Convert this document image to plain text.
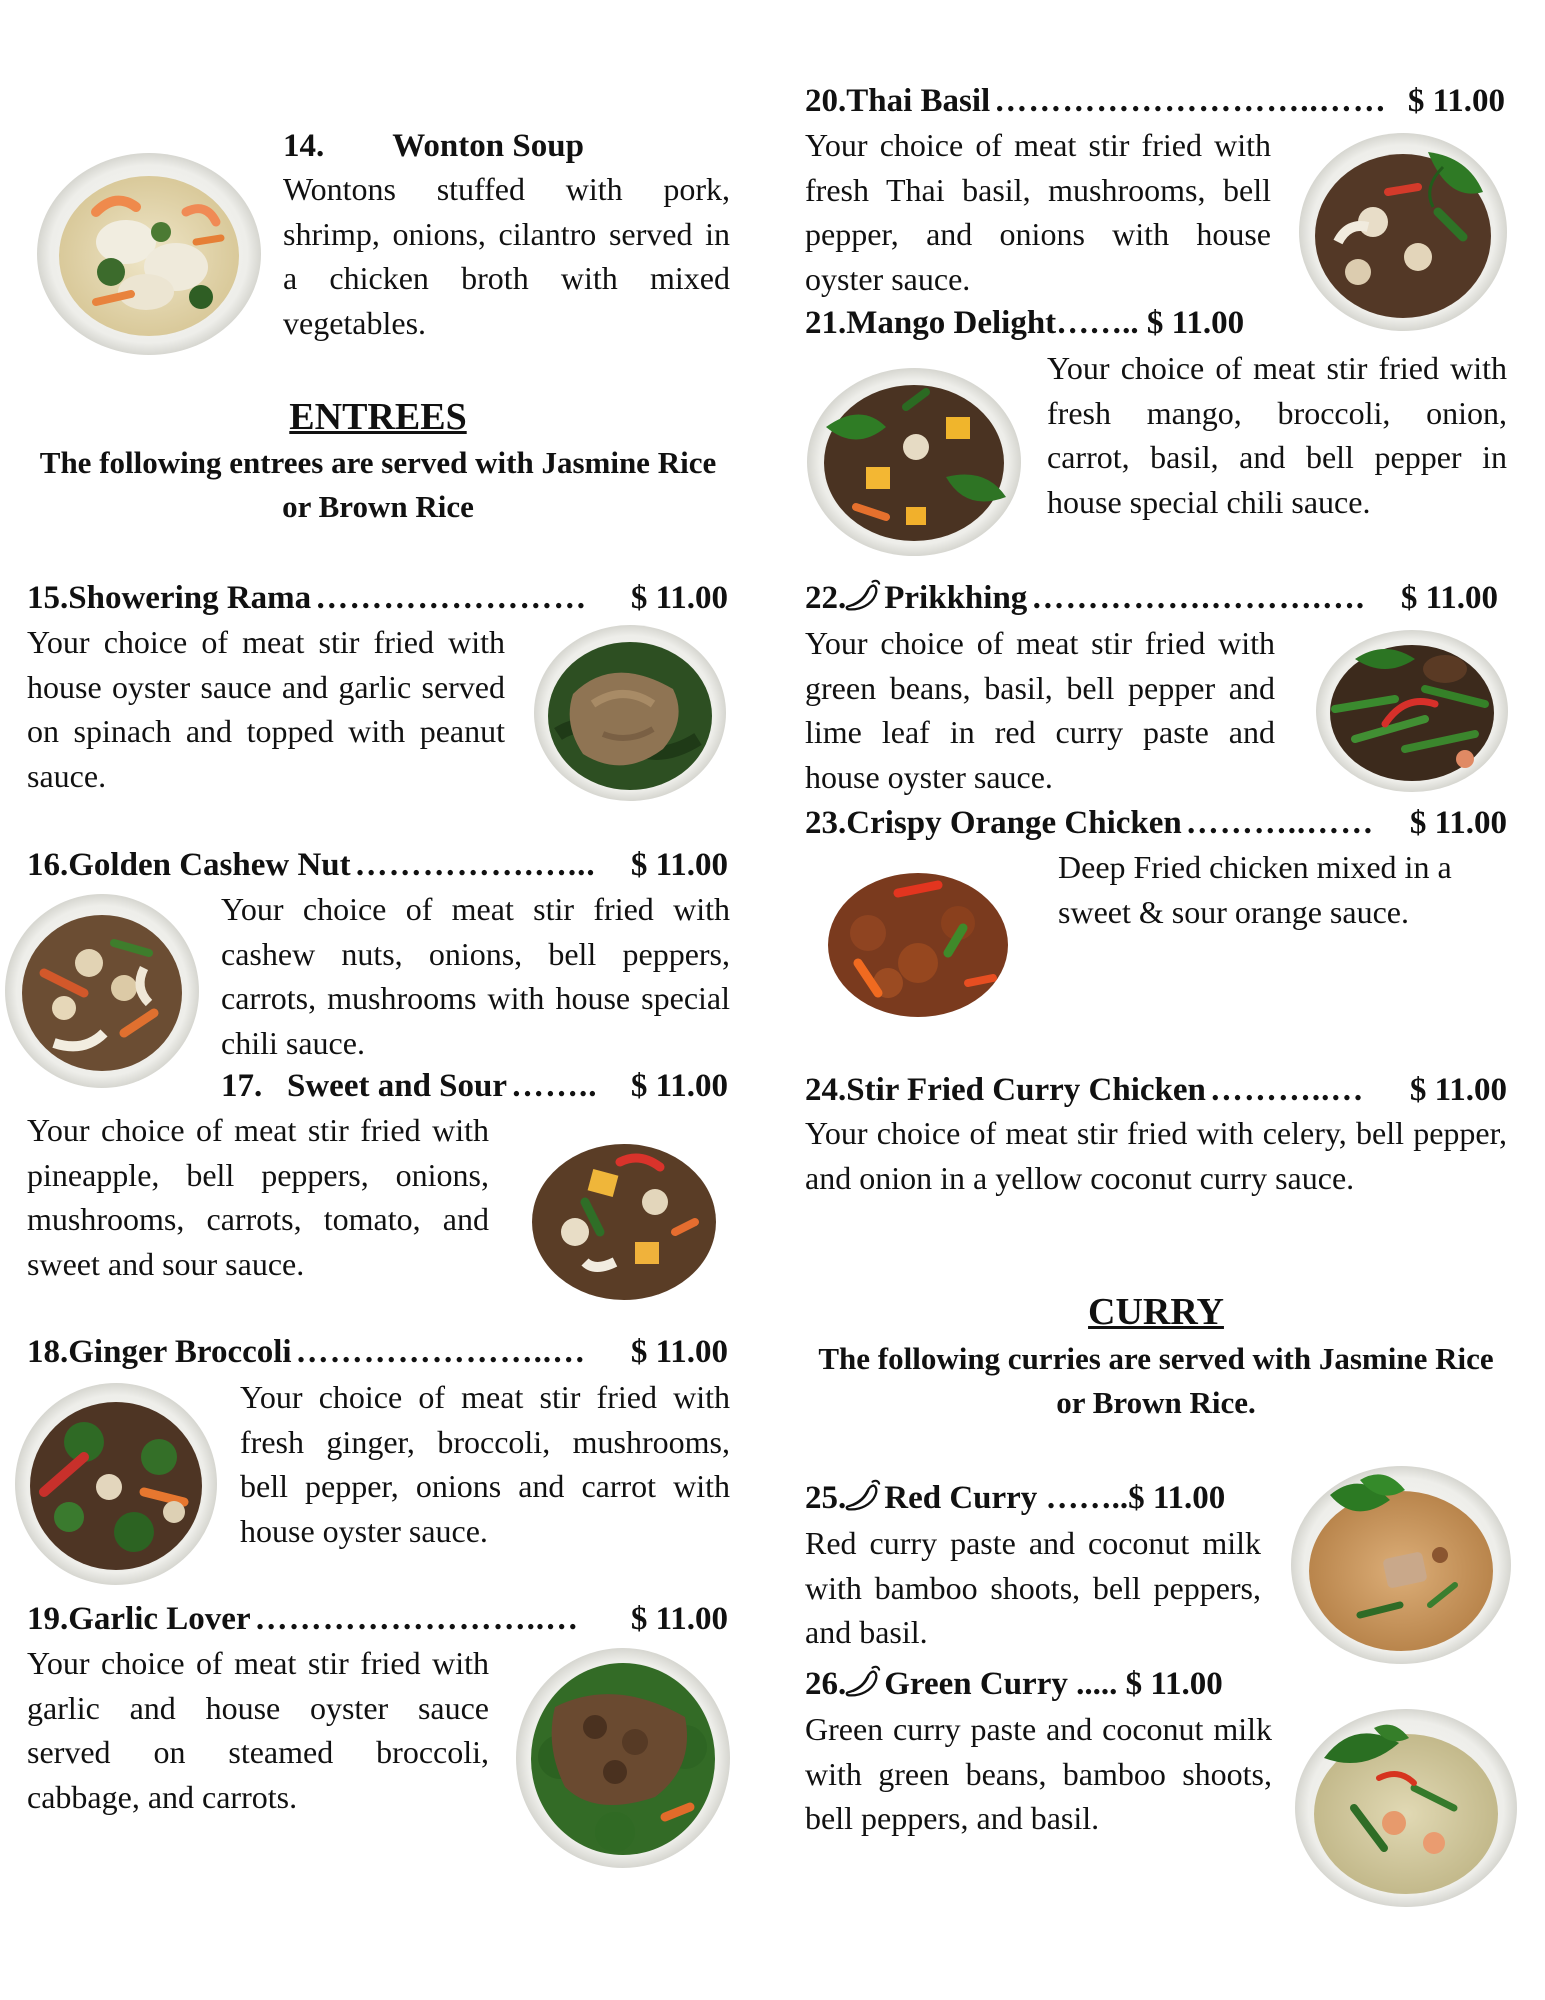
14. Wonton Soup
Wontons stuffed with pork, shrimp, onions, cilantro served in a chicken broth with mixed vegetables.
ENTREES
The following entrees are served with Jasmine Rice or Brown Rice
15.Showering Rama ……………………	$ 11.00
Your choice of meat stir fried with house oyster sauce and garlic served on spinach and topped with peanut sauce.
16.Golden Cashew Nut …………….…...	$ 11.00
Your choice of meat stir fried with cashew nuts, onions, bell peppers, carrots, mushrooms with house special chili sauce.
17.   Sweet and Sour ……..	$ 11.00
Your choice of meat stir fried with pineapple, bell peppers, onions, mushrooms, carrots, tomato, and sweet and sour sauce.
18.Ginger Broccoli …………………..…	$ 11.00
Your choice of meat stir fried with fresh ginger, broccoli, mushrooms, bell pepper, onions and carrot with house oyster sauce.
19.Garlic Lover ……………………..…	$ 11.00
Your choice of meat stir fried with garlic and house oyster sauce served on steamed broccoli, cabbage, and carrots.
20.Thai Basil ………………………..…… $ 11.00
Your choice of meat stir fried with fresh Thai basil, mushrooms, bell pepper, and onions with house oyster sauce.
21.Mango Delight…….. $ 11.00
Your choice of meat stir fried with fresh mango, broccoli, onion, carrot, basil, and bell pepper in house special chili sauce.
22. Prikkhing …………….……….….	$ 11.00
Your choice of meat stir fried with green beans, basil, bell pepper and lime leaf in red curry paste and house oyster sauce.
23.Crispy Orange Chicken ………..……	$ 11.00
Deep Fried chicken mixed in a sweet & sour orange sauce.
24.Stir Fried Curry Chicken ………..…	$ 11.00
Your choice of meat stir fried with celery, bell pepper, and onion in a yellow coconut curry sauce.
CURRY
The following curries are served with Jasmine Rice or Brown Rice.
25. Red Curry ……..$ 11.00
Red curry paste and coconut milk with bamboo shoots, bell peppers, and basil.
26. Green Curry ..... $ 11.00
Green curry paste and coconut milk with green beans, bamboo shoots, bell peppers, and basil.
